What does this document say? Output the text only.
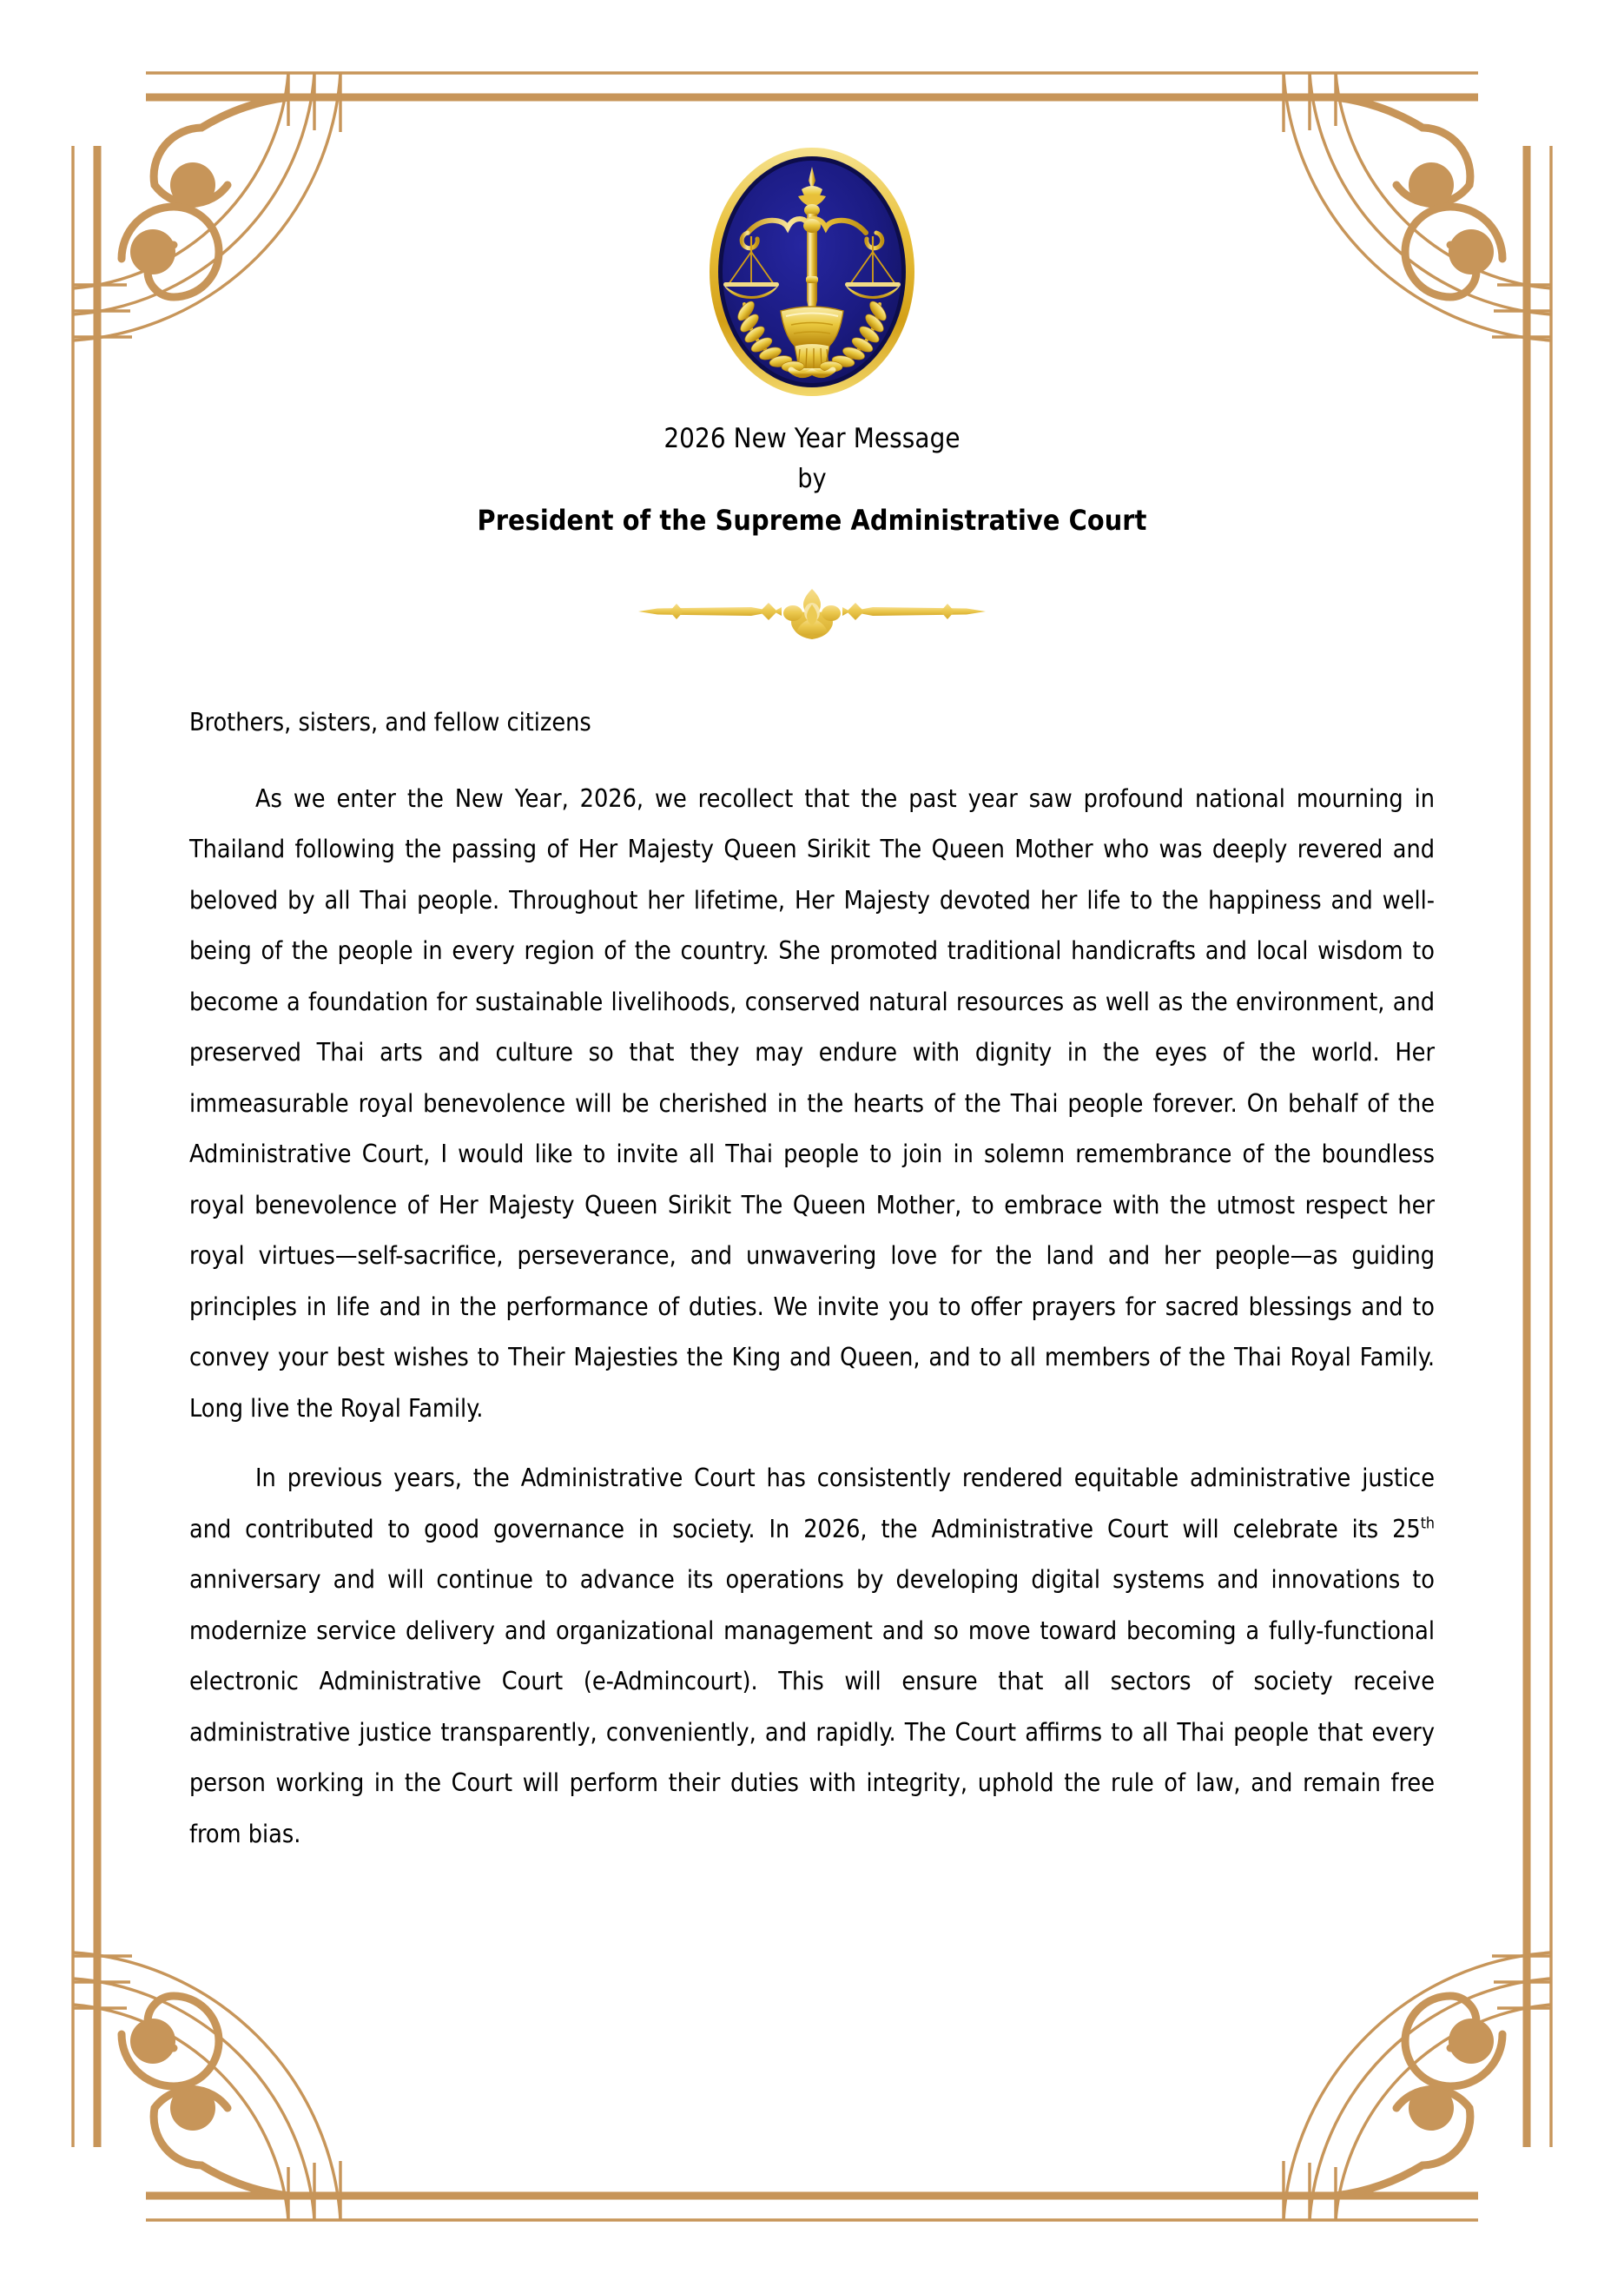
2026 New Year Message
by
President of the Supreme Administrative Court

Brothers, sisters, and fellow citizens

As we enter the New Year, 2026, we recollect that the past year saw profound national mourning in Thailand following the passing of Her Majesty Queen Sirikit The Queen Mother who was deeply revered and beloved by all Thai people. Throughout her lifetime, Her Majesty devoted her life to the happiness and well-being of the people in every region of the country. She promoted traditional handicrafts and local wisdom to become a foundation for sustainable livelihoods, conserved natural resources as well as the environment, and preserved Thai arts and culture so that they may endure with dignity in the eyes of the world. Her immeasurable royal benevolence will be cherished in the hearts of the Thai people forever. On behalf of the Administrative Court, I would like to invite all Thai people to join in solemn remembrance of the boundless royal benevolence of Her Majesty Queen Sirikit The Queen Mother, to embrace with the utmost respect her royal virtues—self-sacrifice, perseverance, and unwavering love for the land and her people—as guiding principles in life and in the performance of duties. We invite you to offer prayers for sacred blessings and to convey your best wishes to Their Majesties the King and Queen, and to all members of the Thai Royal Family. Long live the Royal Family.

In previous years, the Administrative Court has consistently rendered equitable administrative justice and contributed to good governance in society. In 2026, the Administrative Court will celebrate its 25th anniversary and will continue to advance its operations by developing digital systems and innovations to modernize service delivery and organizational management and so move toward becoming a fully-functional electronic Administrative Court (e-Admincourt). This will ensure that all sectors of society receive administrative justice transparently, conveniently, and rapidly. The Court affirms to all Thai people that every person working in the Court will perform their duties with integrity, uphold the rule of law, and remain free from bias.
